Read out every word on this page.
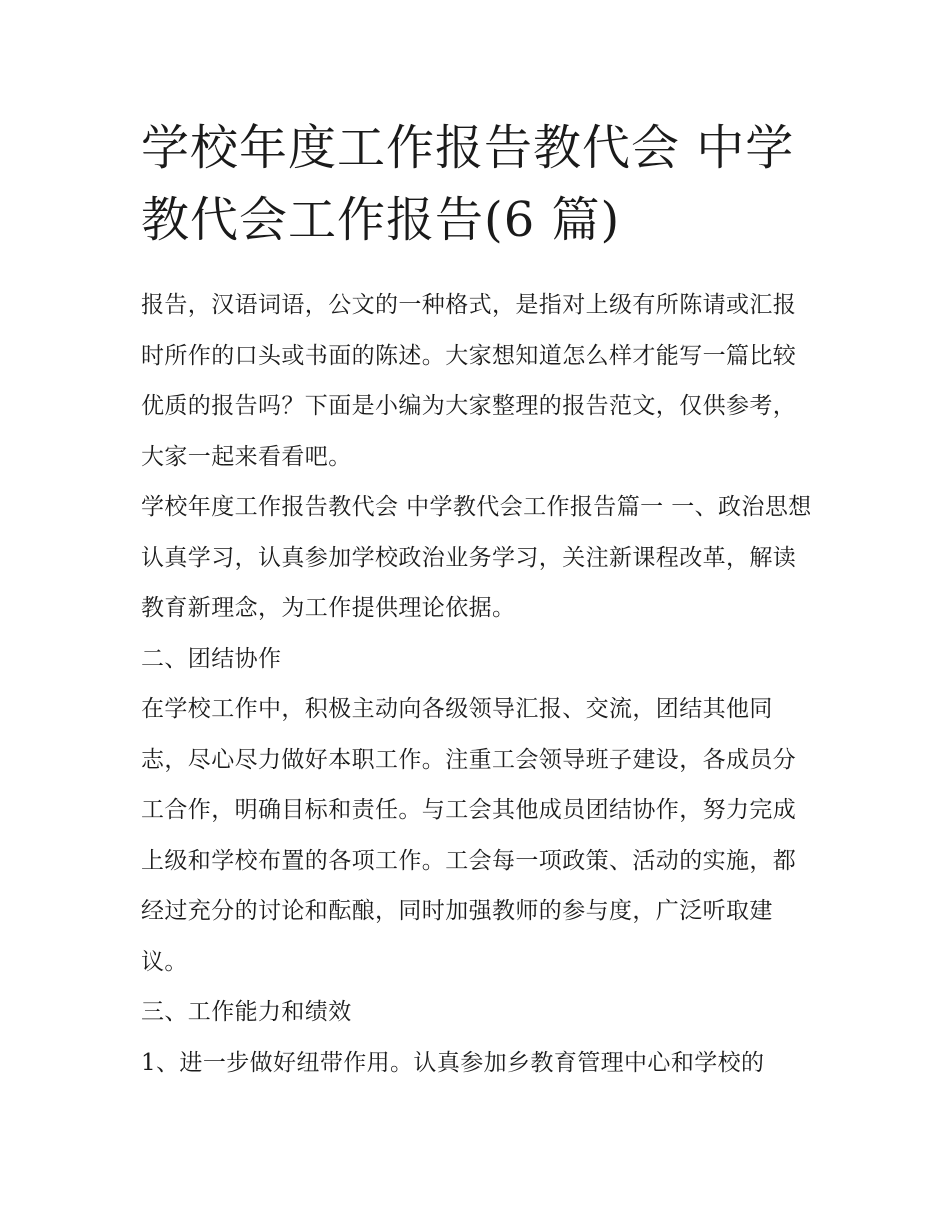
学校年度工作报告教代会 中学教代会工作报告(6 篇)

报告，汉语词语，公文的一种格式，是指对上级有所陈请或汇报时所作的口头或书面的陈述。大家想知道怎么样才能写一篇比较优质的报告吗？下面是小编为大家整理的报告范文，仅供参考，大家一起来看看吧。

学校年度工作报告教代会 中学教代会工作报告篇一 一、政治思想 认真学习，认真参加学校政治业务学习，关注新课程改革，解读教育新理念，为工作提供理论依据。

二、团结协作

在学校工作中，积极主动向各级领导汇报、交流，团结其他同志，尽心尽力做好本职工作。注重工会领导班子建设，各成员分工合作，明确目标和责任。与工会其他成员团结协作，努力完成上级和学校布置的各项工作。工会每一项政策、活动的实施，都经过充分的讨论和酝酿，同时加强教师的参与度，广泛听取建议。

三、工作能力和绩效

1、进一步做好纽带作用。认真参加乡教育管理中心和学校的
